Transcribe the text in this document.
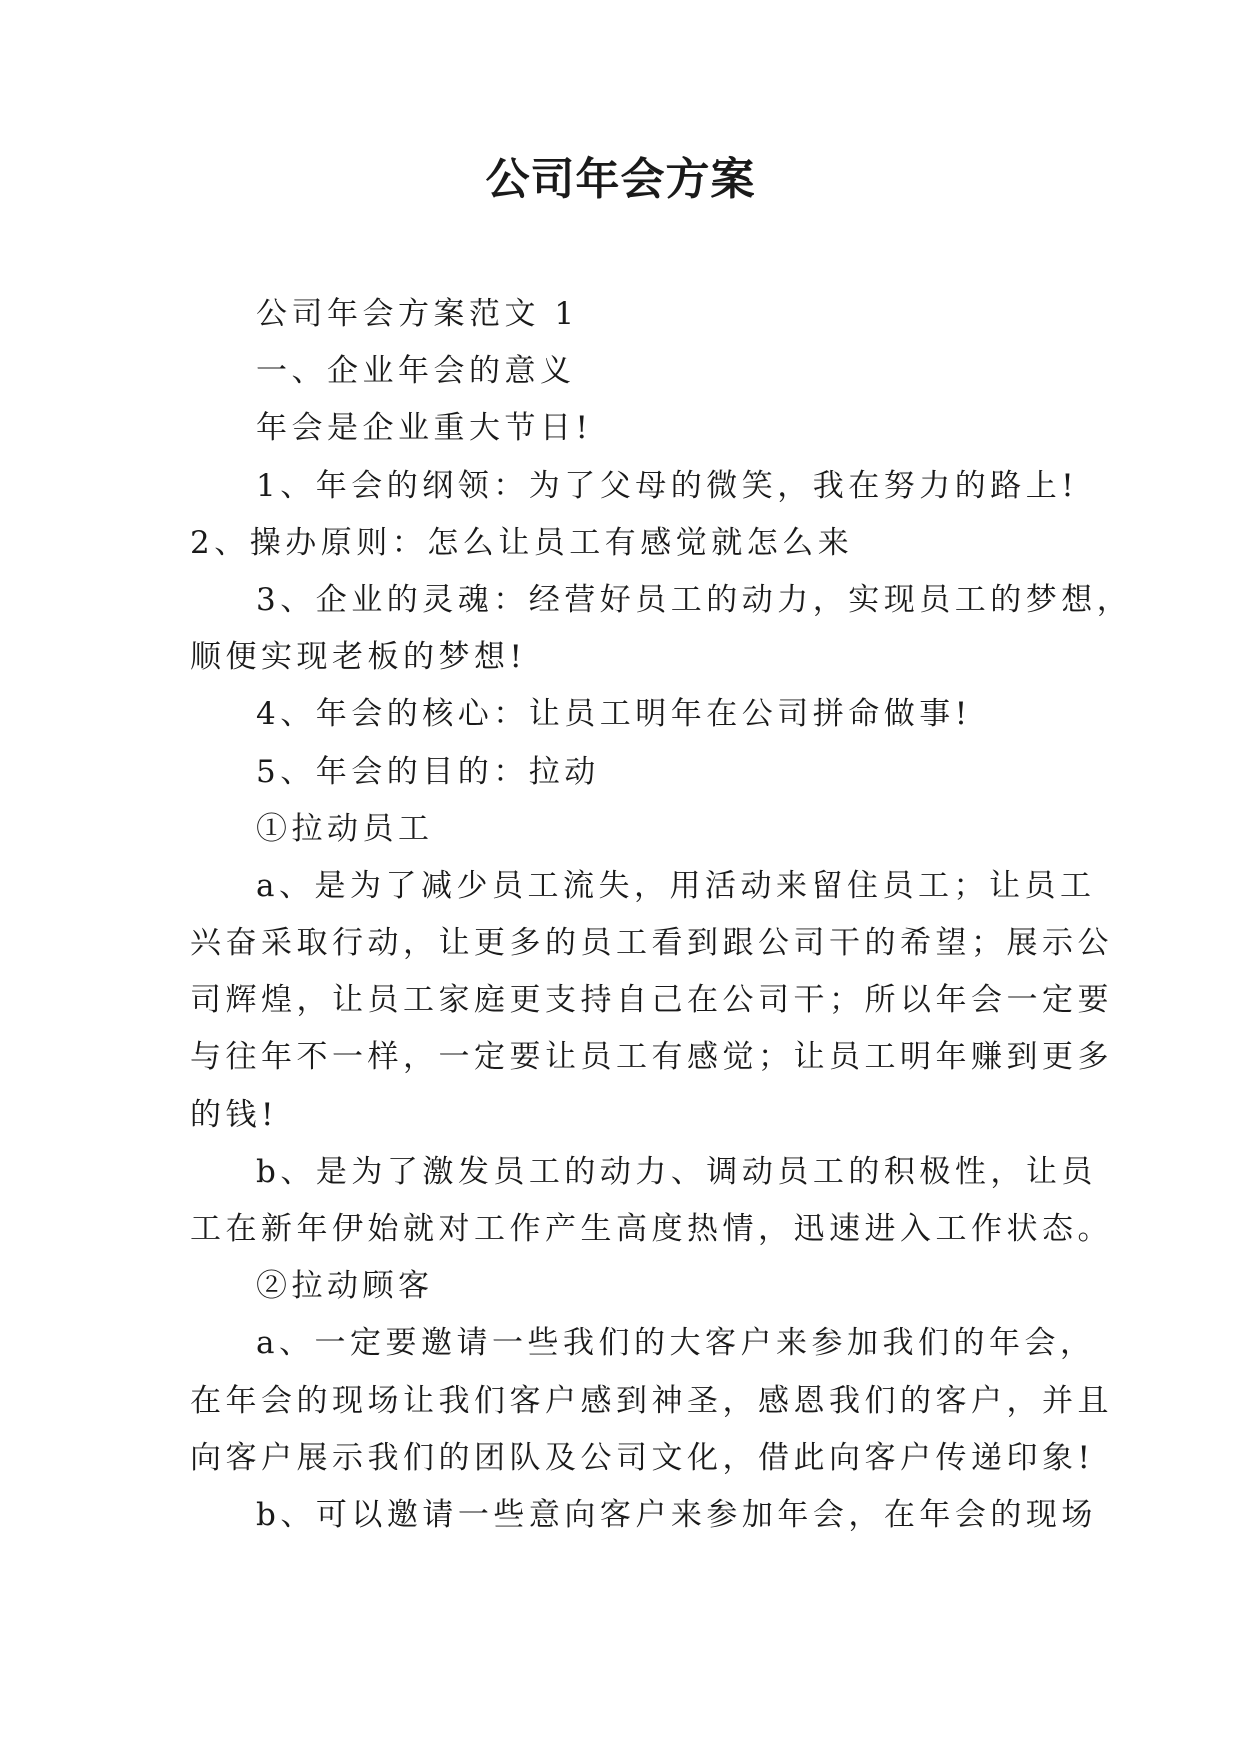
公司年会方案
公司年会方案范文 1
一、企业年会的意义
年会是企业重大节日!
1、年会的纲领：为了父母的微笑，我在努力的路上!
2、操办原则：怎么让员工有感觉就怎么来
3、企业的灵魂：经营好员工的动力，实现员工的梦想，
顺便实现老板的梦想!
4、年会的核心：让员工明年在公司拼命做事!
5、年会的目的：拉动
①拉动员工
a、是为了减少员工流失，用活动来留住员工；让员工
兴奋采取行动，让更多的员工看到跟公司干的希望；展示公
司辉煌，让员工家庭更支持自己在公司干；所以年会一定要
与往年不一样，一定要让员工有感觉；让员工明年赚到更多
的钱!
b、是为了激发员工的动力、调动员工的积极性，让员
工在新年伊始就对工作产生高度热情，迅速进入工作状态。
②拉动顾客
a、一定要邀请一些我们的大客户来参加我们的年会，
在年会的现场让我们客户感到神圣，感恩我们的客户，并且
向客户展示我们的团队及公司文化，借此向客户传递印象!
b、可以邀请一些意向客户来参加年会，在年会的现场
